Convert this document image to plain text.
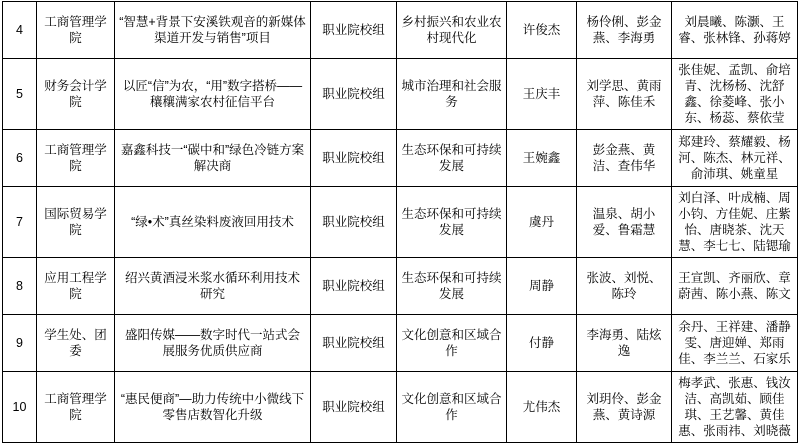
4	工商管理学院	“智慧+背景下安溪铁观音的新媒体渠道开发与销售”项目	职业院校组	乡村振兴和农业农村现代化	许俊杰	杨伶俐、彭金燕、李海勇	刘晨曦、陈灏、王睿、张林锋、孙蒋婷
5	财务会计学院	以匠“信”为农，“用”数字搭桥——穰穰满家农村征信平台	职业院校组	城市治理和社会服务	王庆丰	刘学思、黄雨萍、陈佳禾	张佳妮、孟凯、俞培青、沈杨杨、沈舒鑫、徐菱峰、张小东、杨蕊、蔡依莹
6	工商管理学院	嘉鑫科技一“碳中和”绿色冷链方案解决商	职业院校组	生态环保和可持续发展	王婉鑫	彭金燕、黄洁、查伟华	郑建玲、蔡耀毅、杨河、陈杰、林元祥、俞沛琪、姚童星
7	国际贸易学院	“绿•术”真丝染料废液回用技术	职业院校组	生态环保和可持续发展	虞丹	温泉、胡小爱、鲁霜慧	刘白泽、叶成楠、周小钧、方佳妮、庄紫怡、唐晓茶、沈天慧、李七七、陆锶瑜
8	应用工程学院	绍兴黄酒浸米浆水循环利用技术研究	职业院校组	生态环保和可持续发展	周静	张波、刘悦、陈玲	王宣凯、齐丽欣、章蔚茜、陈小燕、陈文
9	学生处、团委	盛阳传媒——数字时代一站式会展服务优质供应商	职业院校组	文化创意和区域合作	付静	李海勇、陆炫逸	余丹、王祥建、潘静雯、唐迎婵、郑雨佳、李兰兰、石家乐
10	工商管理学院	“惠民便商”—助力传统中小微线下零售店数智化升级	职业院校组	文化创意和区域合作	尤伟杰	刘玥伶、彭金燕、黄诗源	梅孝武、张惠、钱汝洁、高凯茹、顾佳琪、王艺馨、黄佳惠、张雨祎、刘晓薇
